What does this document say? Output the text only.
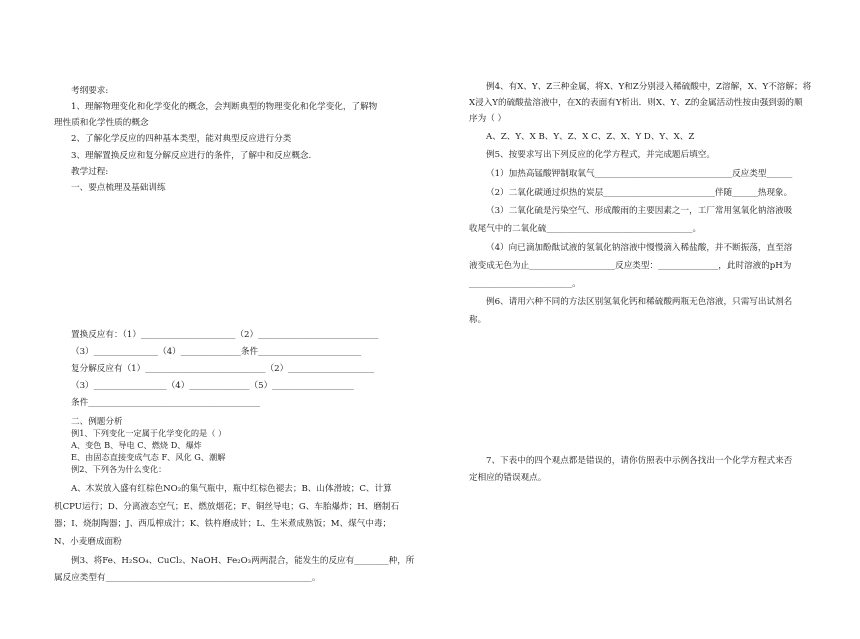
考纲要求:
1、理解物理变化和化学变化的概念，会判断典型的物理变化和化学变化，了解物
理性质和化学性质的概念
2、了解化学反应的四种基本类型，能对典型反应进行分类
3、理解置换反应和复分解反应进行的条件，了解中和反应概念.
教学过程:
一、要点梳理及基础训练
置换反应有：（1）______________________（2）____________________________
（3）_______________（4）______________条件________________________
复分解反应有（1）____________________________（2）____________________
（3）_________________（4）______________（5）___________________
条件________________________________________
二、例题分析
例1、下列变化一定属于化学变化的是（ ）
A、变色 B、导电 C、燃烧 D、爆炸
E、由固态直接变成气态 F、风化 G、潮解
例2、下列各为什么变化：
A、木炭放入盛有红棕色NO₂的集气瓶中，瓶中红棕色褪去；B、山体滑坡；C、计算
机CPU运行；D、分离液态空气；E、燃放烟花；F、铜丝导电；G、车胎爆炸；H、磨制石
器；I、烧制陶器；J、西瓜榨成汁；K、铁杵磨成针；L、生米煮成熟饭；M、煤气中毒；
N、小麦磨成面粉
例3、将Fe、H₂SO₄、CuCl₂、NaOH、Fe₂O₃两两混合，能发生的反应有________种，所
属反应类型有________________________________________________。
例4、有X、Y、Z三种金属，将X、Y和Z分别浸入稀硫酸中，Z溶解，X、Y不溶解；将
X浸入Y的硫酸盐溶液中，在X的表面有Y析出．则X、Y、Z的金属活动性按由强到弱的顺
序为（ ）
A、Z、Y、X B、Y、Z、X C、Z、X、Y D、Y、X、Z
例5、按要求写出下列反应的化学方程式，并完成题后填空。
（1）加热高锰酸钾制取氧气________________________________反应类型______
（2）二氧化碳通过炽热的炭层__________________________伴随______热现象。
（3）二氧化硫是污染空气、形成酸雨的主要因素之一，工厂常用氢氧化钠溶液吸
收尾气中的二氧化硫__________________________________。
（4）向已滴加酚酞试液的氢氧化钠溶液中慢慢滴入稀盐酸，并不断振荡，直至溶
液变成无色为止____________________反应类型：______________，此时溶液的pH为
________________________。
例6、请用六种不同的方法区别氢氧化钙和稀硫酸两瓶无色溶液，只需写出试剂名
称。
7、下表中的四个观点都是错误的，请你仿照表中示例各找出一个化学方程式来否
定相应的错误观点。
